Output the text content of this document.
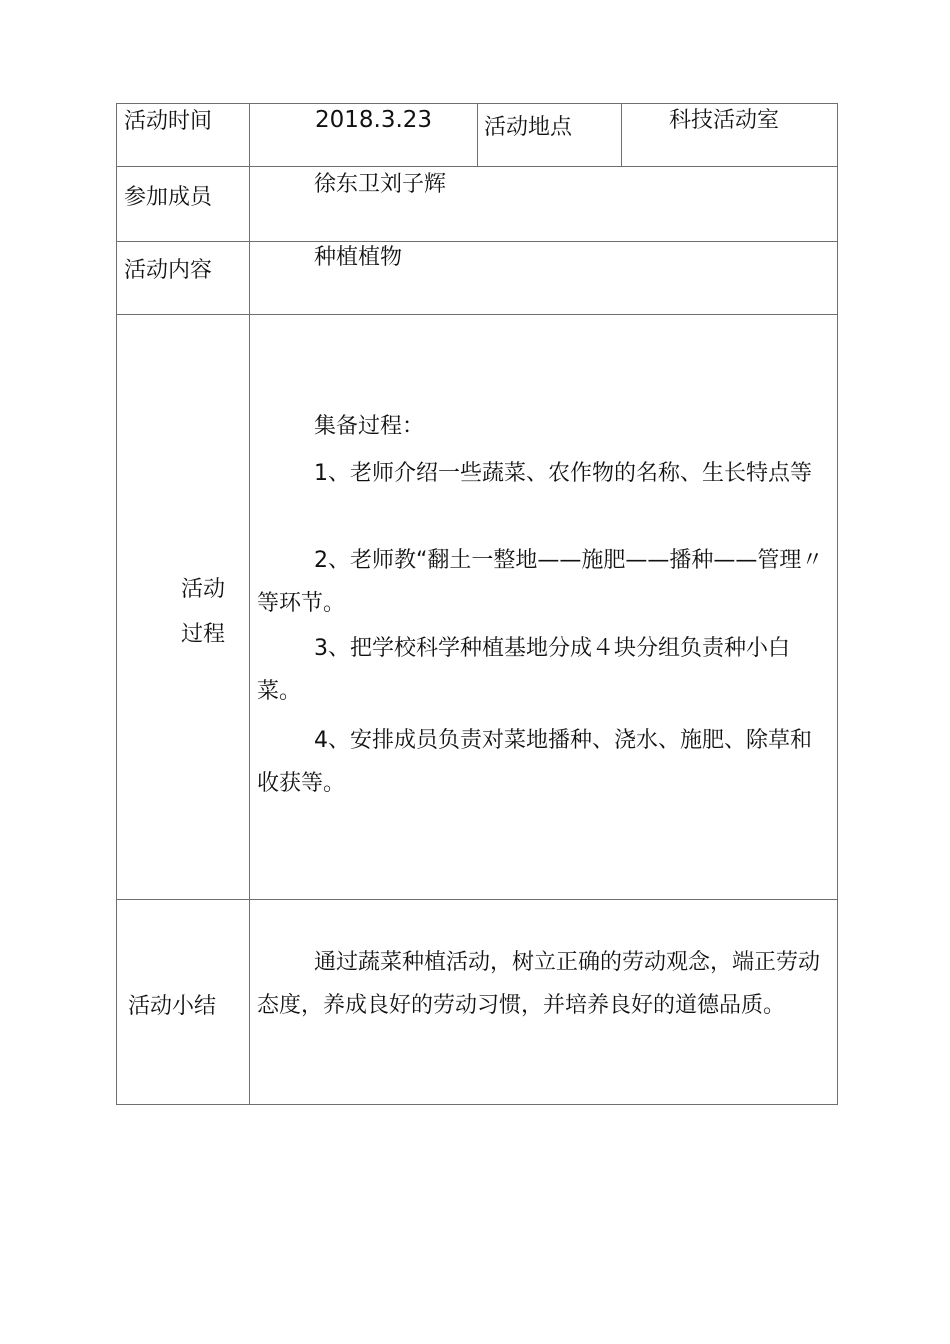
活动时间	2018.3.23 活动地点	科技活动室
参加成员
徐东卫刘子辉
活动内容
种植植物
活动
过程
集备过程：
1、老师介绍一些蔬菜、农作物的名称、生长特点等
2、老师教“翻土一整地——施肥——播种——管理〃等环节。
3、把学校科学种植基地分成４块分组负责种小白菜。
4、安排成员负责对菜地播种、浇水、施肥、除草和收获等。
活动小结
通过蔬菜种植活动，树立正确的劳动观念，端正劳动态度，养成良好的劳动习惯，并培养良好的道德品质。
